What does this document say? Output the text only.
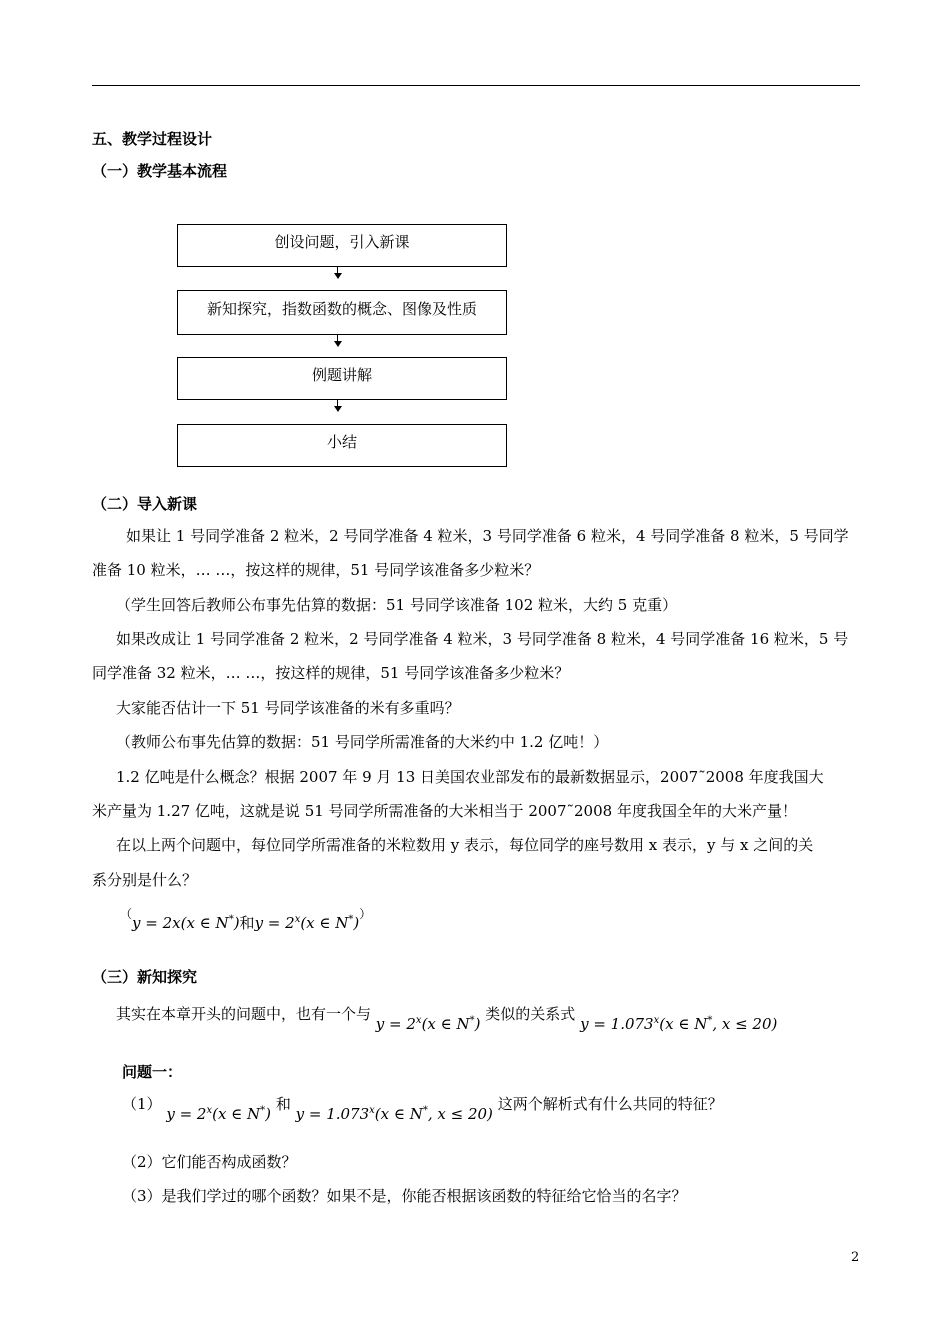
五、教学过程设计
（一）教学基本流程
创设问题，引入新课
新知探究，指数函数的概念、图像及性质
例题讲解
小结
（二）导入新课
如果让 1 号同学准备 2 粒米，2 号同学准备 4 粒米，3 号同学准备 6 粒米，4 号同学准备 8 粒米，5 号同学
准备 10 粒米，… …，按这样的规律，51 号同学该准备多少粒米？
（学生回答后教师公布事先估算的数据：51 号同学该准备 102 粒米，大约 5 克重）
如果改成让 1 号同学准备 2 粒米，2 号同学准备 4 粒米，3 号同学准备 8 粒米，4 号同学准备 16 粒米，5 号
同学准备 32 粒米，… …，按这样的规律，51 号同学该准备多少粒米？
大家能否估计一下 51 号同学该准备的米有多重吗？
（教师公布事先估算的数据：51 号同学所需准备的大米约中 1.2 亿吨！）
1.2 亿吨是什么概念？根据 2007 年 9 月 13 日美国农业部发布的最新数据显示，2007˜2008 年度我国大
米产量为 1.27 亿吨，这就是说 51 号同学所需准备的大米相当于 2007˜2008 年度我国全年的大米产量！
在以上两个问题中，每位同学所需准备的米粒数用 y 表示，每位同学的座号数用 x 表示，y 与 x 之间的关
系分别是什么？
（y = 2x(x ∈ N*)和$y = 2^x(x$ ∈ N*)）
（三）新知探究
其实在本章开头的问题中，也有一个与 $y = 2^x(x$ ∈ N*) 类似的关系式 $y = 1.073^x(x$ ∈ N*, x ≤ 20)
问题一：
（1） $y = 2^x(x$ ∈ N*) 和 $y = 1.073^x(x$ ∈ N*, x ≤ 20) 这两个解析式有什么共同的特征？
（2）它们能否构成函数？
（3）是我们学过的哪个函数？如果不是，你能否根据该函数的特征给它恰当的名字？
2
